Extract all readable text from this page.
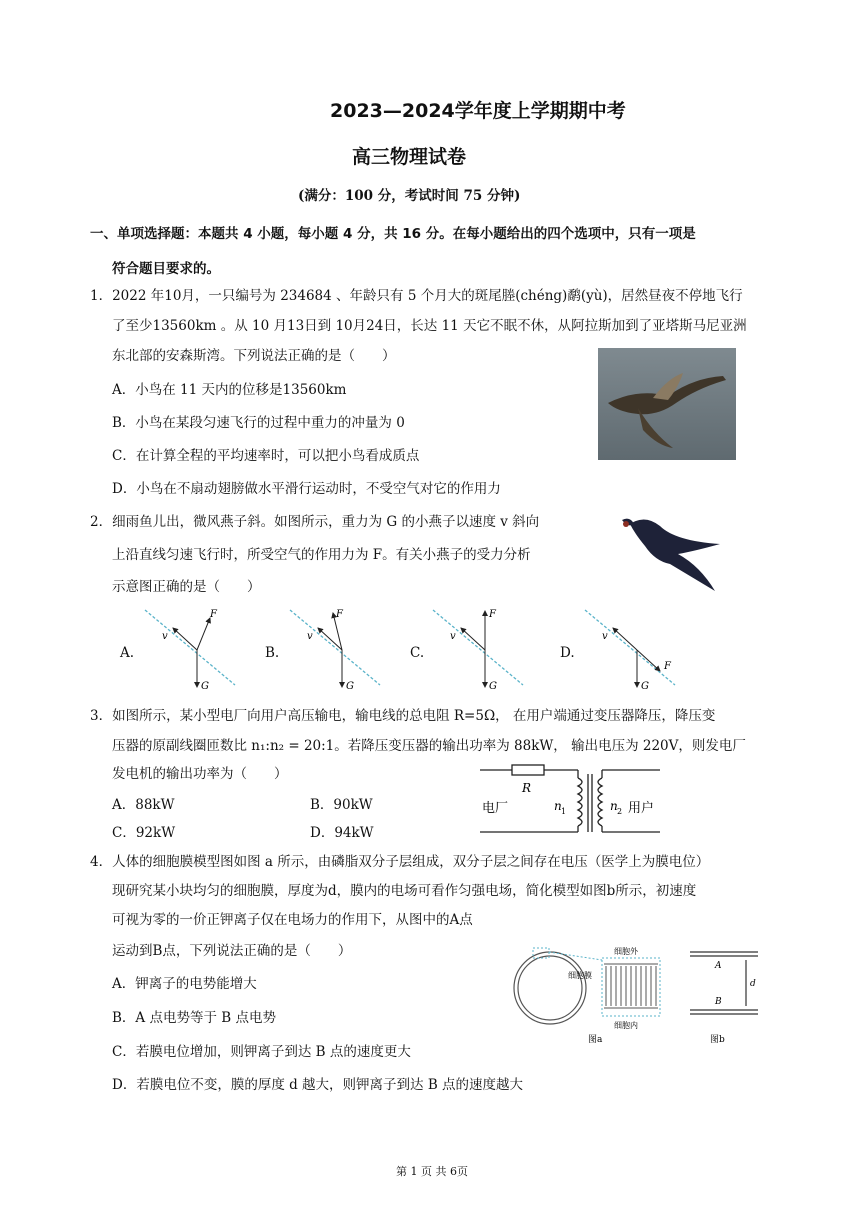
2023—2024学年度上学期期中考
高三物理试卷
(满分：100 分，考试时间 75 分钟)
一、单项选择题：本题共 4 小题，每小题 4 分，共 16 分。在每小题给出的四个选项中，只有一项是
符合题目要求的。
1．2022 年10月，一只编号为 234684 、年龄只有 5 个月大的斑尾塍(chéng)鹬(yù)，居然昼夜不停地飞行
了至少13560km 。从 10 月13日到 10月24日，长达 11 天它不眠不休，从阿拉斯加到了亚塔斯马尼亚洲
东北部的安森斯湾。下列说法正确的是（　　）
A．小鸟在 11 天内的位移是13560km
B．小鸟在某段匀速飞行的过程中重力的冲量为 0
C．在计算全程的平均速率时，可以把小鸟看成质点
D．小鸟在不扇动翅膀做水平滑行运动时，不受空气对它的作用力
2．细雨鱼儿出，微风燕子斜。如图所示，重力为 G 的小燕子以速度 v 斜向
上沿直线匀速飞行时，所受空气的作用力为 F。有关小燕子的受力分析
示意图正确的是（　　）
A.	B.	C.	D.
v
F
G
v
F
G
v
F
G
v
F
G
3．如图所示，某小型电厂向用户高压输电，输电线的总电阻 R=5Ω， 在用户端通过变压器降压，降压变
压器的原副线圈匝数比 n₁:n₂ = 20:1。若降压变压器的输出功率为 88kW， 输出电压为 220V，则发电厂
发电机的输出功率为（　　）
A．88kW	B．90kW
C．92kW	D．94kW
R
电厂	n 1	n 2 用户
4．人体的细胞膜模型图如图 a 所示，由磷脂双分子层组成，双分子层之间存在电压（医学上为膜电位）
现研究某小块均匀的细胞膜，厚度为d，膜内的电场可看作匀强电场，简化模型如图b所示，初速度
可视为零的一价正钾离子仅在电场力的作用下，从图中的A点
运动到B点，下列说法正确的是（　　）
A．钾离子的电势能增大
B．A 点电势等于 B 点电势
C．若膜电位增加，则钾离子到达 B 点的速度更大
D．若膜电位不变，膜的厚度 d 越大，则钾离子到达 B 点的速度越大
细胞外
细胞膜
细胞内
图a
A
B
d
图b
第 1 页 共 6页
